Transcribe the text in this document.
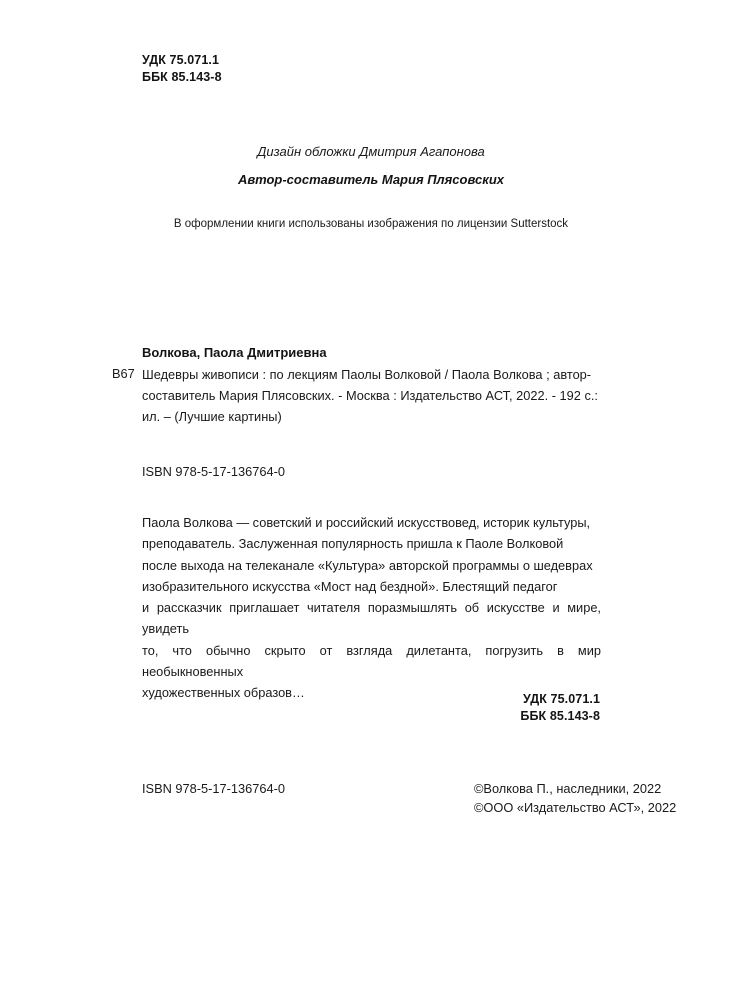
УДК 75.071.1
ББК 85.143-8
Дизайн обложки Дмитрия Агапонова
Автор-составитель Мария Плясовских
В оформлении книги использованы изображения по лицензии Sutterstock
В67
Волкова, Паола Дмитриевна
Шедевры живописи : по лекциям Паолы Волковой / Паола Волкова ; автор-
составитель Мария Плясовских. - Москва : Издательство АСТ, 2022. - 192 с.:
ил. – (Лучшие картины)
ISBN 978-5-17-136764-0
Паола Волкова — советский и российский искусствовед, историк культуры,
преподаватель. Заслуженная популярность пришла к Паоле Волковой
после выхода на телеканале «Культура» авторской программы о шедеврах
изобразительного искусства «Мост над бездной». Блестящий педагог
и рассказчик приглашает читателя поразмышлять об искусстве и мире, увидеть
то, что обычно скрыто от взгляда дилетанта, погрузить в мир необыкновенных
художественных образов…	УДК 75.071.1
ББК 85.143-8
ISBN 978-5-17-136764-0	©Волкова П., наследники, 2022
©ООО «Издательство АСТ», 2022
